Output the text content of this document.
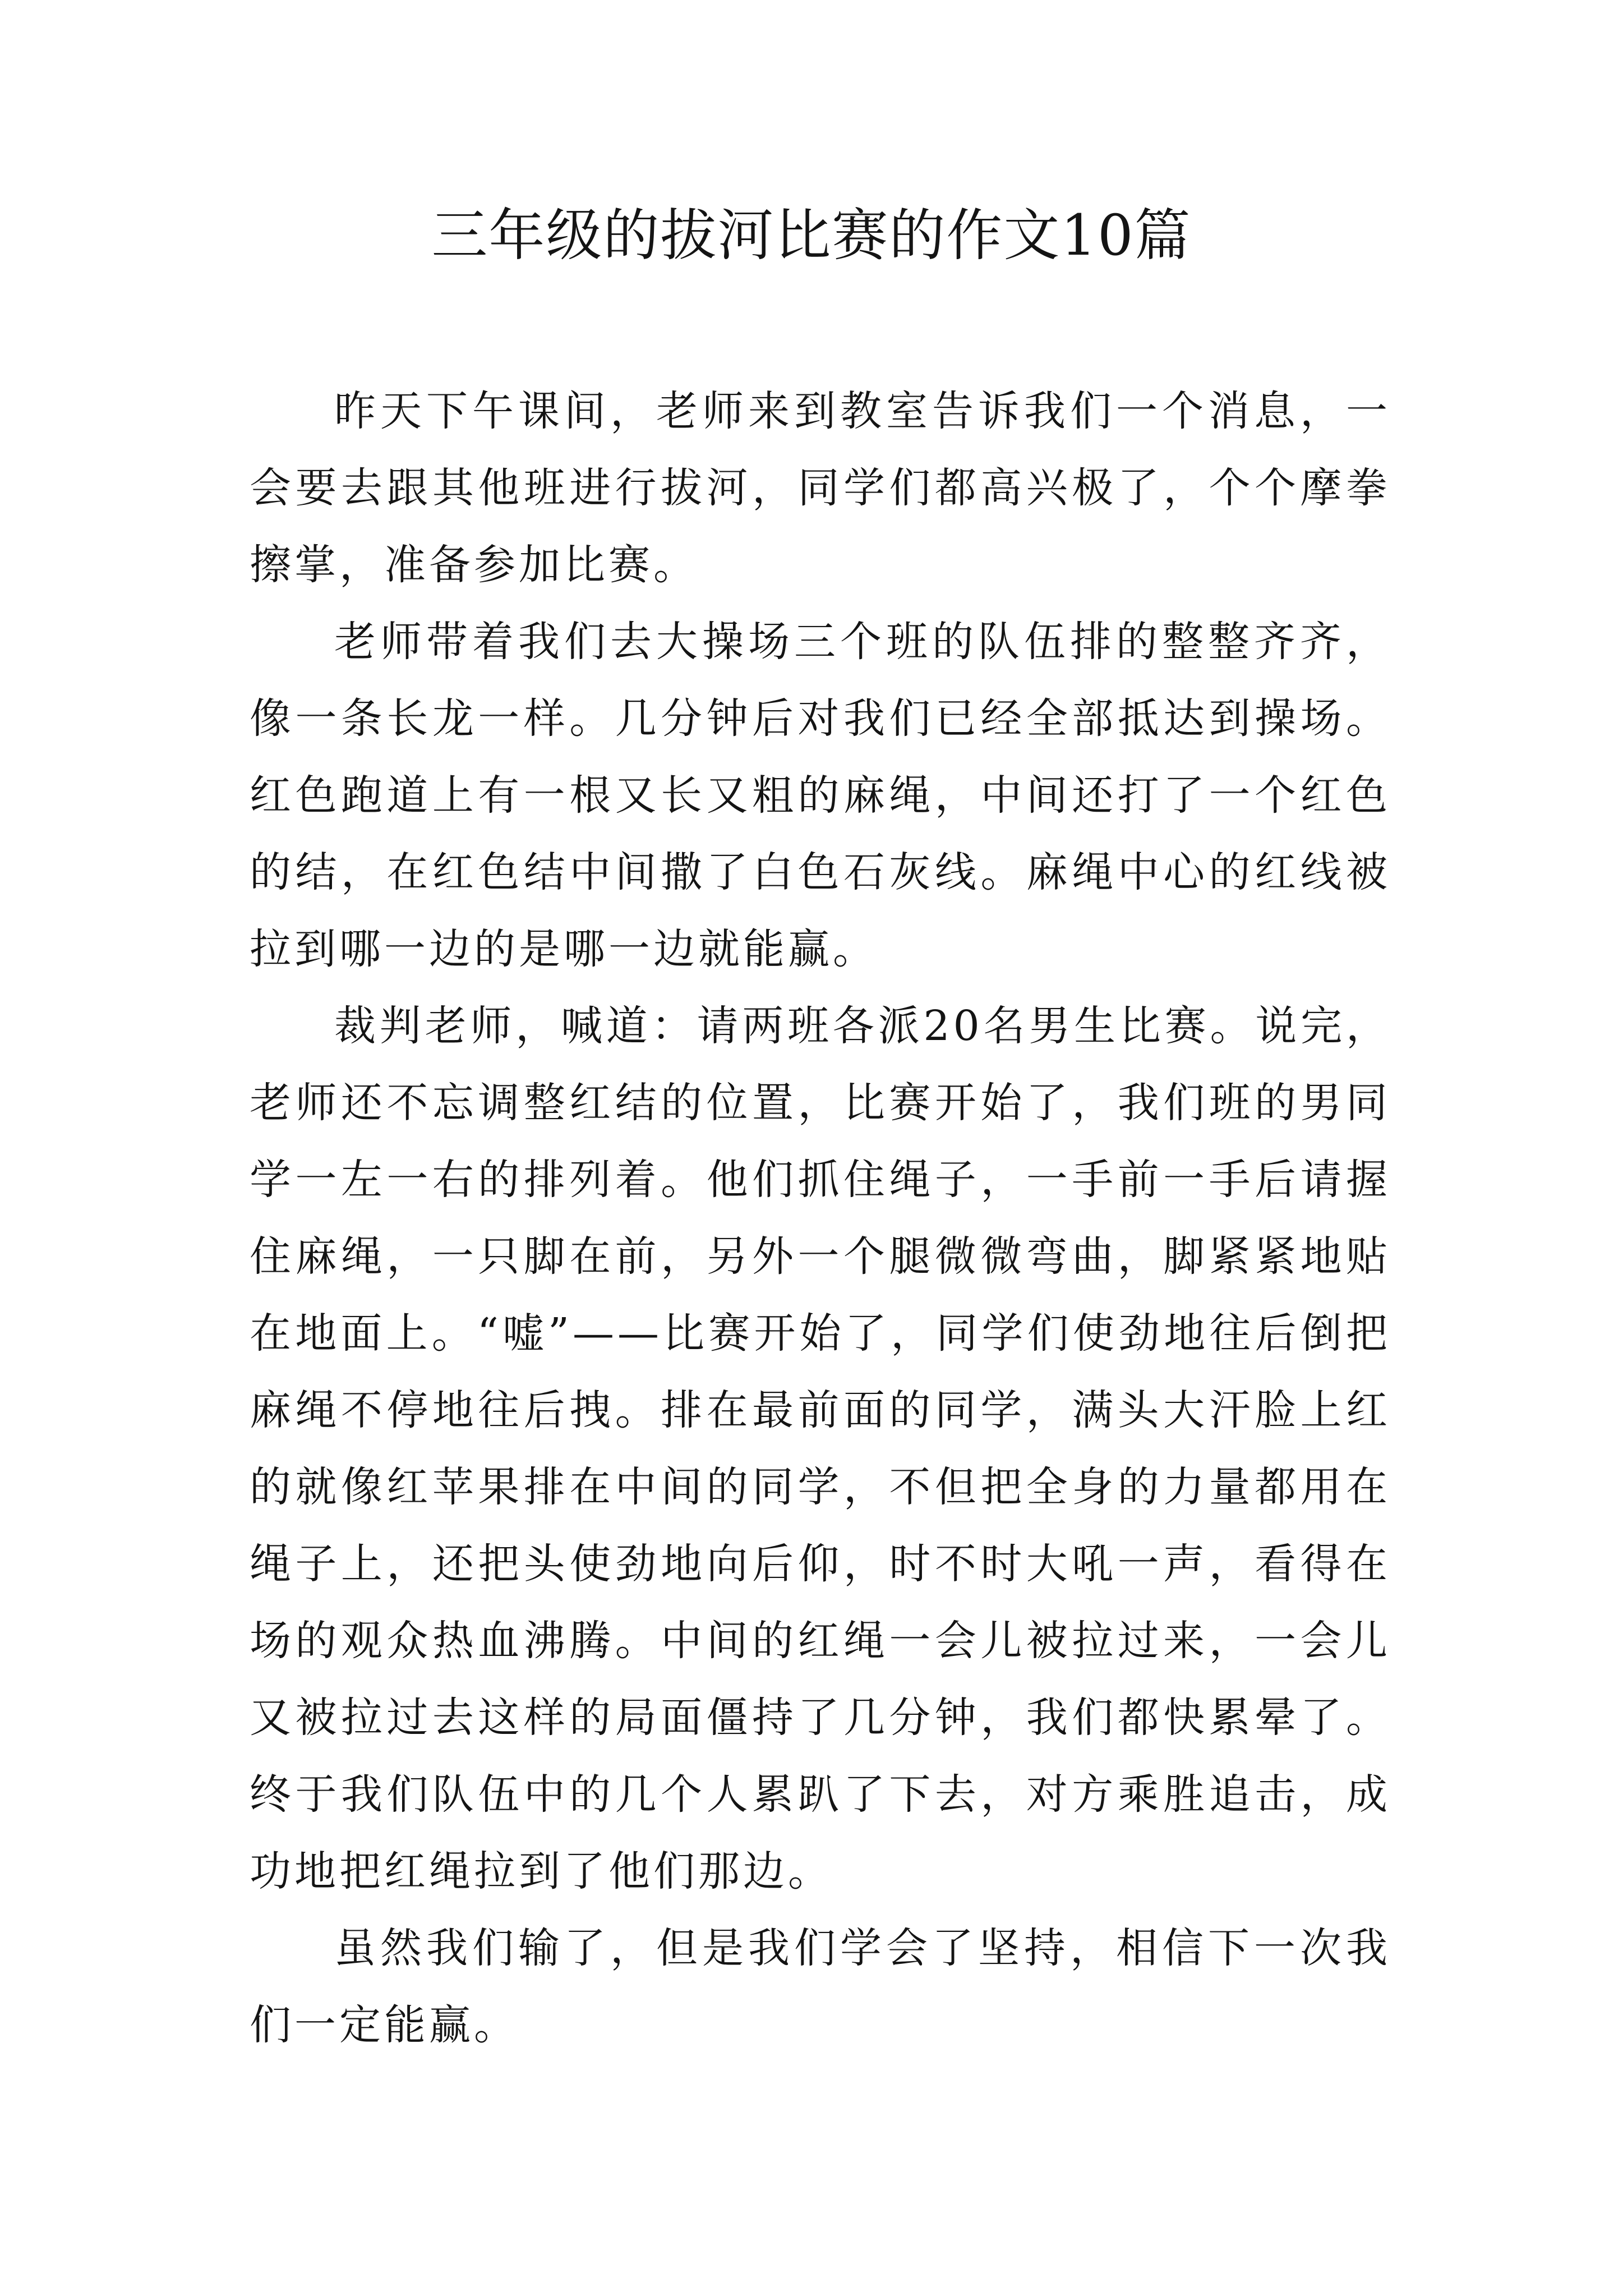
三年级的拔河比赛的作文10篇

昨天下午课间，老师来到教室告诉我们一个消息，一会要去跟其他班进行拔河，同学们都高兴极了，个个摩拳擦掌，准备参加比赛。

老师带着我们去大操场三个班的队伍排的整整齐齐，像一条长龙一样。几分钟后对我们已经全部抵达到操场。红色跑道上有一根又长又粗的麻绳，中间还打了一个红色的结，在红色结中间撒了白色石灰线。麻绳中心的红线被拉到哪一边的是哪一边就能赢。

裁判老师，喊道：请两班各派20名男生比赛。说完，老师还不忘调整红结的位置，比赛开始了，我们班的男同学一左一右的排列着。他们抓住绳子，一手前一手后请握住麻绳，一只脚在前，另外一个腿微微弯曲，脚紧紧地贴在地面上。“嘘”——比赛开始了，同学们使劲地往后倒把麻绳不停地往后拽。排在最前面的同学，满头大汗脸上红的就像红苹果排在中间的同学，不但把全身的力量都用在绳子上，还把头使劲地向后仰，时不时大吼一声，看得在场的观众热血沸腾。中间的红绳一会儿被拉过来，一会儿又被拉过去这样的局面僵持了几分钟，我们都快累晕了。终于我们队伍中的几个人累趴了下去，对方乘胜追击，成功地把红绳拉到了他们那边。

虽然我们输了，但是我们学会了坚持，相信下一次我们一定能赢。
